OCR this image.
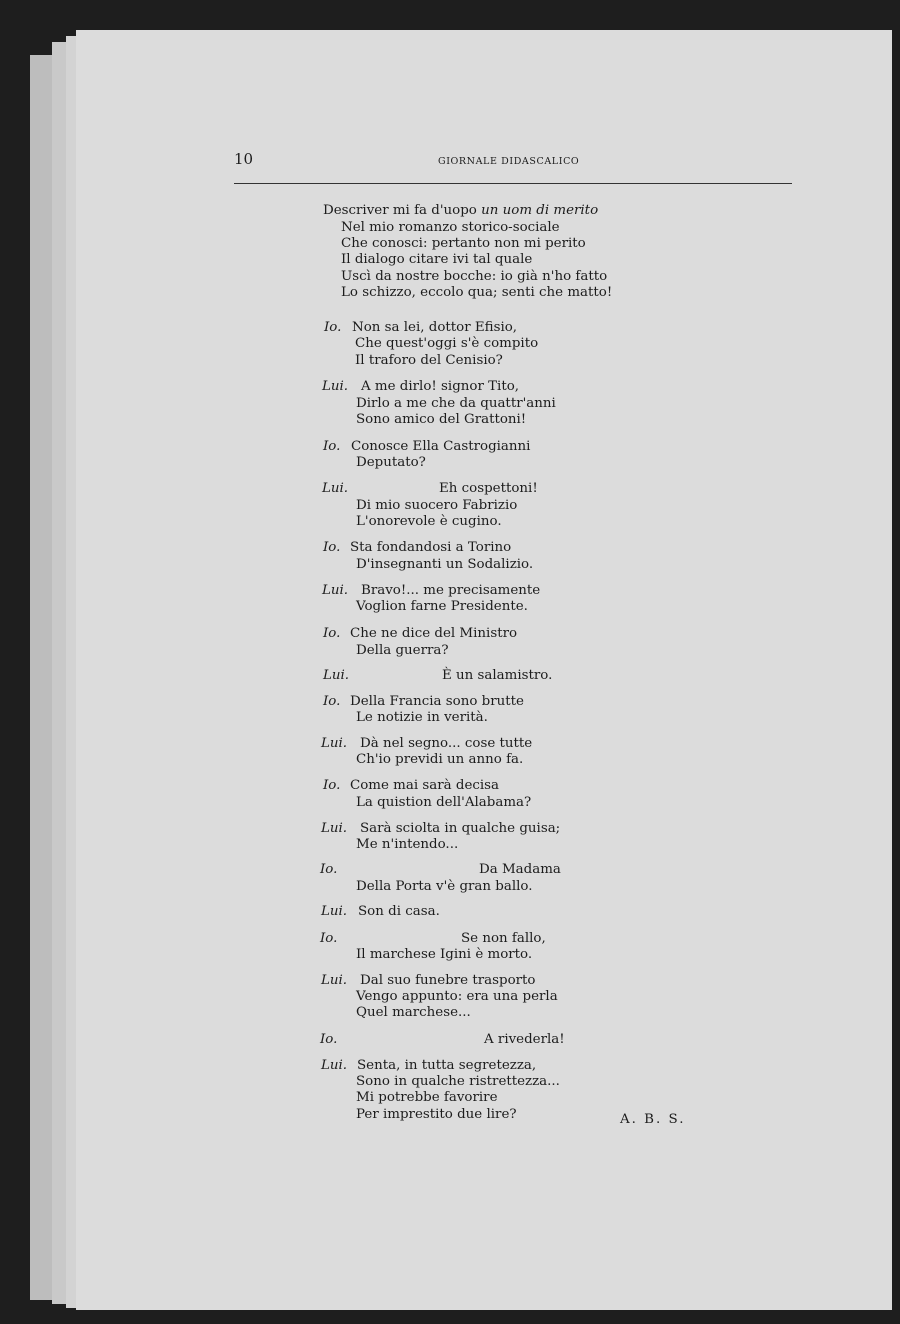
10	GIORNALE DIDASCALICO
Descriver mi fa d'uopo un uom di merito
Nel mio romanzo storico-sociale
Che conosci: pertanto non mi perito
Il dialogo citare ivi tal quale
Uscì da nostre bocche: io già n'ho fatto
Lo schizzo, eccolo qua; senti che matto!
Io. Non sa lei, dottor Efisio,
Che quest'oggi s'è compito
Il traforo del Cenisio?
Lui. A me dirlo! signor Tito,
Dirlo a me che da quattr'anni
Sono amico del Grattoni!
Io. Conosce Ella Castrogianni
Deputato?
Lui.	Eh cospettoni!
Di mio suocero Fabrizio
L'onorevole è cugino.
Io. Sta fondandosi a Torino
D'insegnanti un Sodalizio.
Lui. Bravo!... me precisamente
Voglion farne Presidente.
Io. Che ne dice del Ministro
Della guerra?
Lui.	È un salamistro.
Io. Della Francia sono brutte
Le notizie in verità.
Lui. Dà nel segno... cose tutte
Ch'io previdi un anno fa.
Io. Come mai sarà decisa
La quistion dell'Alabama?
Lui. Sarà sciolta in qualche guisa;
Me n'intendo...
Io.	Da Madama
Della Porta v'è gran ballo.
Lui. Son di casa.
Io.	Se non fallo,
Il marchese Igini è morto.
Lui. Dal suo funebre trasporto
Vengo appunto: era una perla
Quel marchese...
Io.	A rivederla!
Lui. Senta, in tutta segretezza,
Sono in qualche ristrettezza...
Mi potrebbe favorire
Per imprestito due lire?	A. B. S.
